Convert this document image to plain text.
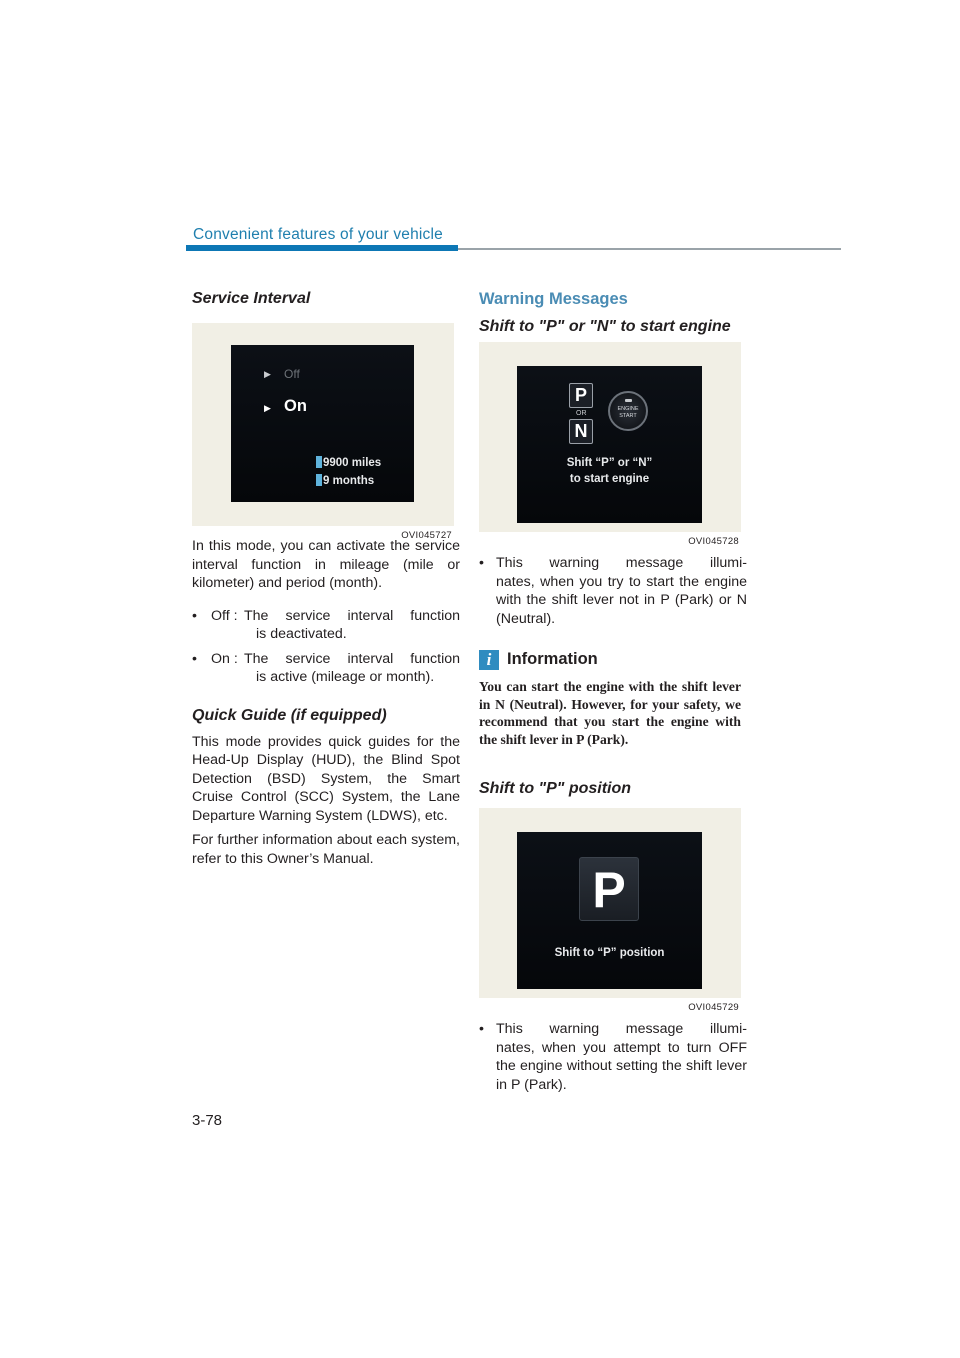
Convenient features of your vehicle
Service Interval
▶ Off
▶ On
9900 miles
9 months
OVI045727

In this mode, you can activate the service interval function in mileage (mile or kilometer) and period (month).

• Off : The service interval function
is deactivated.
• On : The service interval function
is active (mileage or month).
Quick Guide (if equipped)

This mode provides quick guides for the Head-Up Display (HUD), the Blind Spot Detection (BSD) System, the Smart Cruise Control (SCC) System, the Lane Departure Warning System (LDWS), etc.

For further information about each system, refer to this Owner’s Manual.

Warning Messages
Shift to "P" or "N" to start engine
P
OR
N
ENGINE
START
Shift “P” or “N”
to start engine
OVI045728
• This warning message illumi-
nates, when you try to start the engine with the shift lever not in P (Park) or N (Neutral).
i Information
You can start the engine with the shift lever in N (Neutral). However, for your safety, we recommend that you start the engine with the shift lever in P (Park).
Shift to "P" position
P
Shift to “P” position
OVI045729
• This warning message illumi-
nates, when you attempt to turn OFF the engine without setting the shift lever in P (Park).
3-78
